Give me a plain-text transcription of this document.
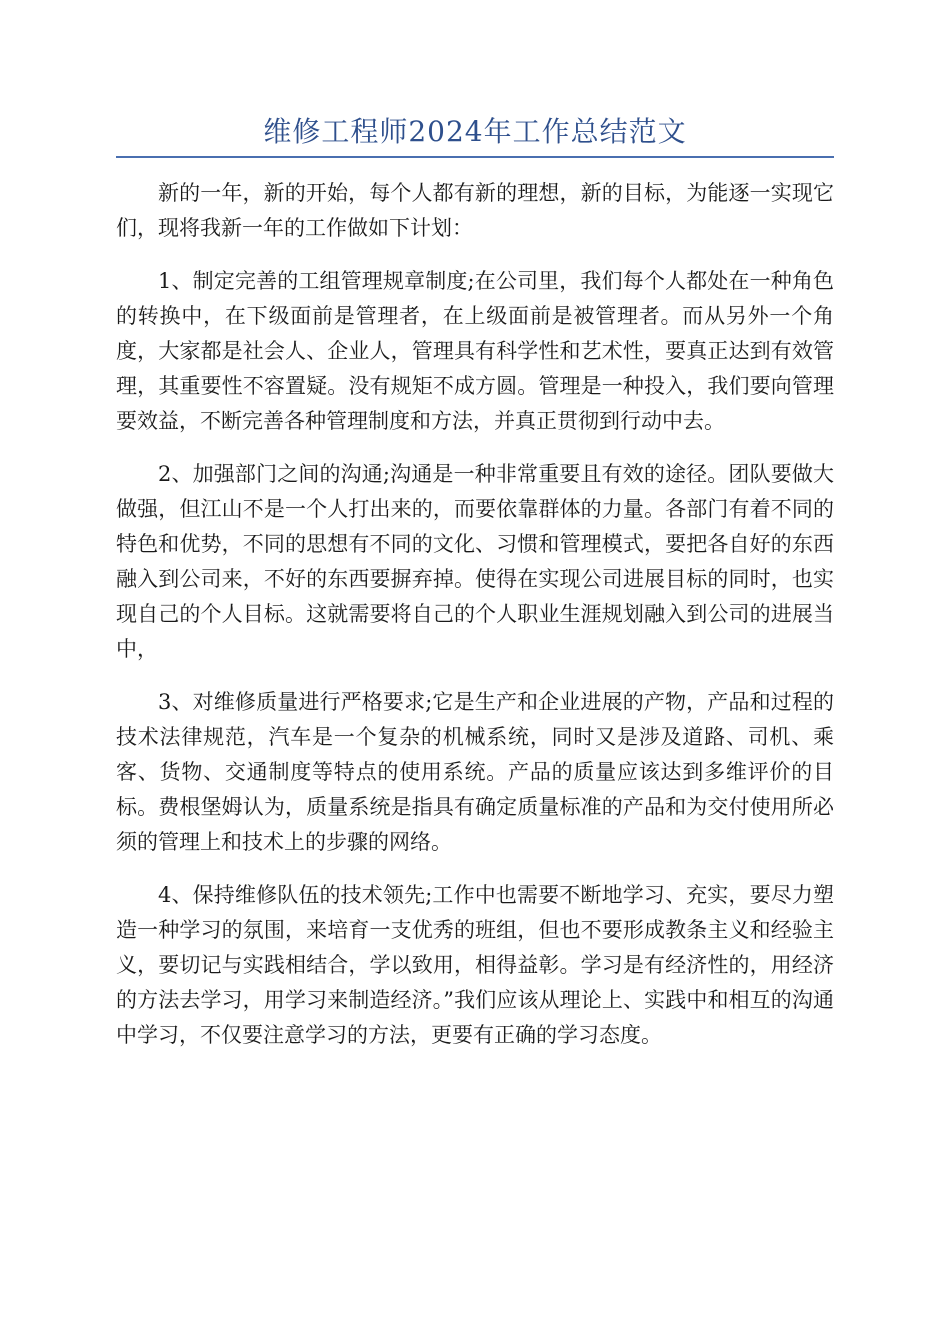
维修工程师2024年工作总结范文

新的一年，新的开始，每个人都有新的理想，新的目标，为能逐一实现它们，现将我新一年的工作做如下计划：

1、制定完善的工组管理规章制度;在公司里，我们每个人都处在一种角色的转换中，在下级面前是管理者，在上级面前是被管理者。而从另外一个角度，大家都是社会人、企业人，管理具有科学性和艺术性，要真正达到有效管理，其重要性不容置疑。没有规矩不成方圆。管理是一种投入，我们要向管理要效益，不断完善各种管理制度和方法，并真正贯彻到行动中去。

2、加强部门之间的沟通;沟通是一种非常重要且有效的途径。团队要做大做强，但江山不是一个人打出来的，而要依靠群体的力量。各部门有着不同的特色和优势，不同的思想有不同的文化、习惯和管理模式，要把各自好的东西融入到公司来，不好的东西要摒弃掉。使得在实现公司进展目标的同时，也实现自己的个人目标。这就需要将自己的个人职业生涯规划融入到公司的进展当中，

3、对维修质量进行严格要求;它是生产和企业进展的产物，产品和过程的技术法律规范，汽车是一个复杂的机械系统，同时又是涉及道路、司机、乘客、货物、交通制度等特点的使用系统。产品的质量应该达到多维评价的目标。费根堡姆认为，质量系统是指具有确定质量标准的产品和为交付使用所必须的管理上和技术上的步骤的网络。

4、保持维修队伍的技术领先;工作中也需要不断地学习、充实，要尽力塑造一种学习的氛围，来培育一支优秀的班组，但也不要形成教条主义和经验主义，要切记与实践相结合，学以致用，相得益彰。学习是有经济性的，用经济的方法去学习，用学习来制造经济。”我们应该从理论上、实践中和相互的沟通中学习，不仅要注意学习的方法，更要有正确的学习态度。
